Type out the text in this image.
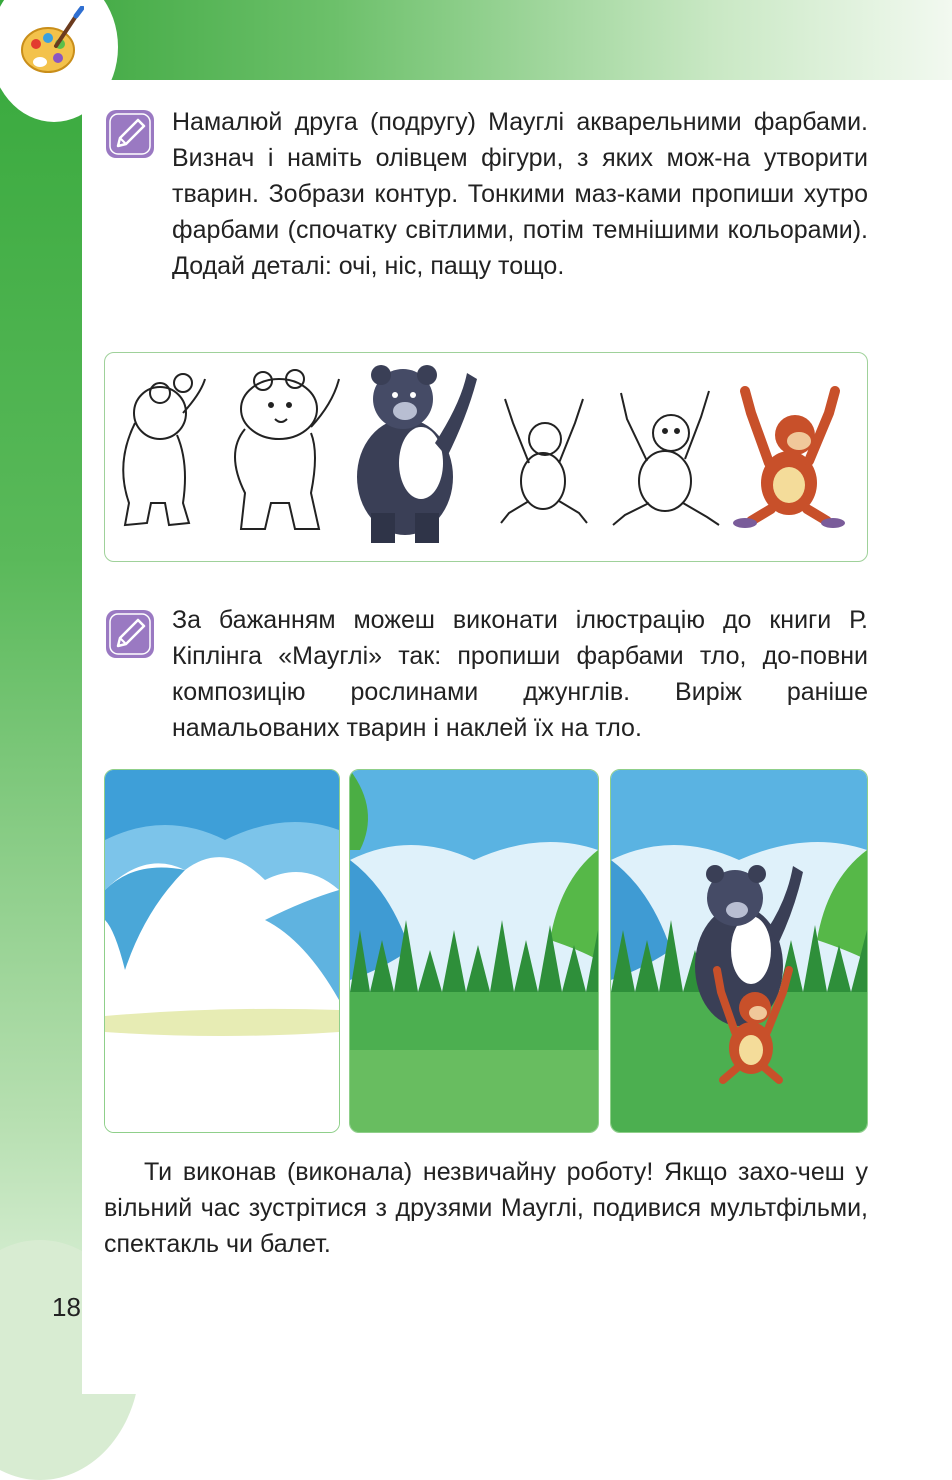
Намалюй друга (подругу) Мауглі акварельними фарбами. Визнач і наміть олівцем фігури, з яких мож-на утворити тварин. Зобрази контур. Тонкими маз-ками пропиши хутро фарбами (спочатку світлими, потім темнішими кольорами). Додай деталі: очі, ніс, пащу тощо.
За бажанням можеш виконати ілюстрацію до книги Р. Кіплінга «Мауглі» так: пропиши фарбами тло, до-повни композицію рослинами джунглів. Виріж раніше намальованих тварин і наклей їх на тло.
Ти виконав (виконала) незвичайну роботу! Якщо захо-чеш у вільний час зустрітися з друзями Мауглі, подивися мультфільми, спектакль чи балет.
18
